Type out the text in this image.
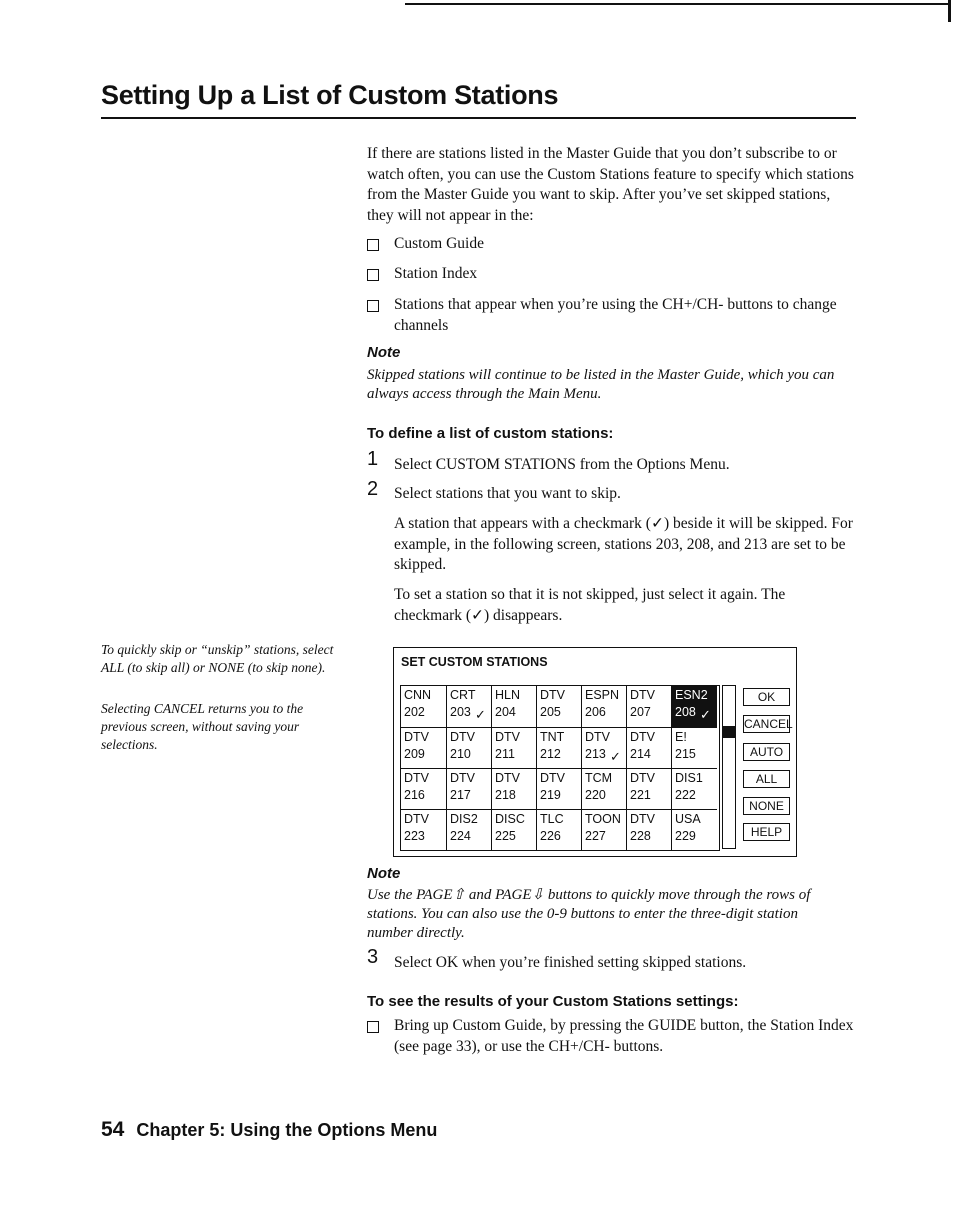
Setting Up a List of Custom Stations

If there are stations listed in the Master Guide that you don’t subscribe to or watch often, you can use the Custom Stations feature to specify which stations from the Master Guide you want to skip. After you’ve set skipped stations, they will not appear in the:

Custom Guide
Station Index
Stations that appear when you’re using the CH+/CH- buttons to change channels
Note
Skipped stations will continue to be listed in the Master Guide, which you can always access through the Main Menu.
To define a list of custom stations:
1 Select CUSTOM STATIONS from the Options Menu.
2 Select stations that you want to skip.
A station that appears with a checkmark (✓) beside it will be skipped. For example, in the following screen, stations 203, 208, and 213 are set to be skipped.
To set a station so that it is not skipped, just select it again. The checkmark (✓) disappears.
To quickly skip or “unskip” stations, select ALL (to skip all) or NONE (to skip none).
Selecting CANCEL returns you to the previous screen, without saving your selections.
SET CUSTOM STATIONS
CNN
202
CRT
203 ✓
HLN
204
DTV
205
ESPN
206
DTV
207
ESN2
208 ✓
DTV
209
DTV
210
DTV
211
TNT
212
DTV
213 ✓
DTV
214
E!
215
DTV
216
DTV
217
DTV
218
DTV
219
TCM
220
DTV
221
DIS1
222
DTV
223
DIS2
224
DISC
225
TLC
226
TOON
227
DTV
228
USA
229
OK
CANCEL
AUTO
ALL
NONE
HELP
Note
Use the PAGE⇧ and PAGE⇩ buttons to quickly move through the rows of stations. You can also use the 0-9 buttons to enter the three-digit station number directly.
3 Select OK when you’re finished setting skipped stations.
To see the results of your Custom Stations settings:
Bring up Custom Guide, by pressing the GUIDE button, the Station Index (see page 33), or use the CH+/CH- buttons.
54 Chapter 5: Using the Options Menu
